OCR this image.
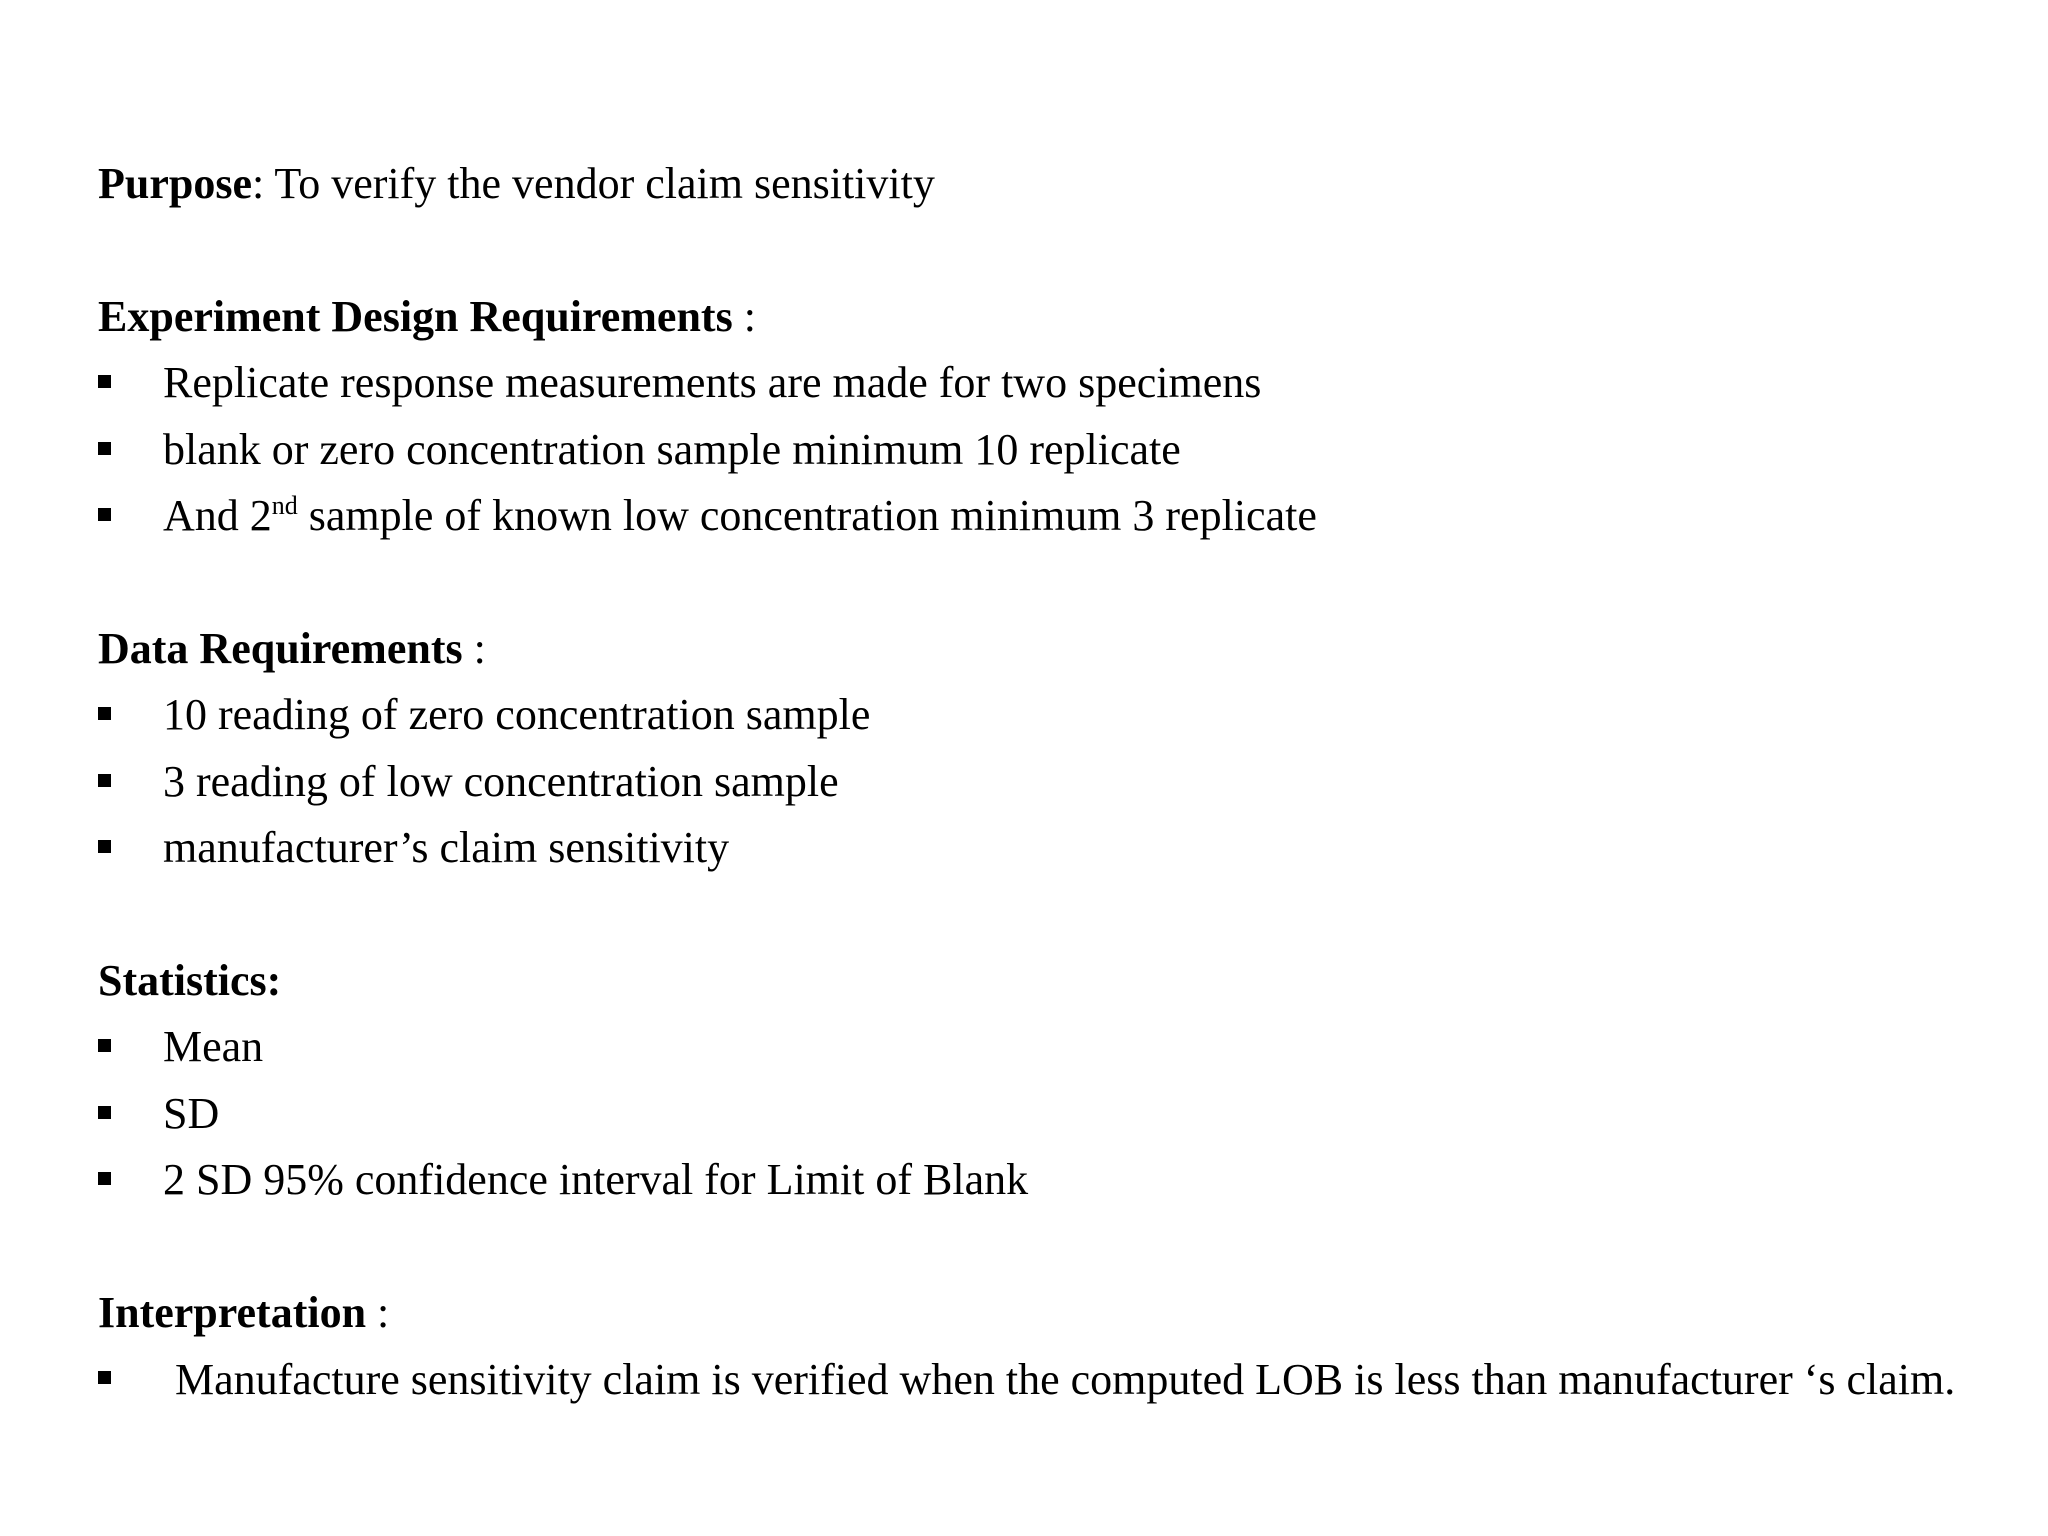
Purpose: To verify the vendor claim sensitivity
Experiment Design Requirements :
Replicate response measurements are made for two specimens
blank or zero concentration sample minimum 10 replicate
And 2nd sample of known low concentration minimum 3 replicate
Data Requirements :
10 reading of zero concentration sample
3 reading of low concentration sample
manufacturer’s claim sensitivity
Statistics:
Mean
SD
2 SD 95% confidence interval for Limit of Blank
Interpretation :
Manufacture sensitivity claim is verified when the computed LOB is less than manufacturer ‘s claim.
